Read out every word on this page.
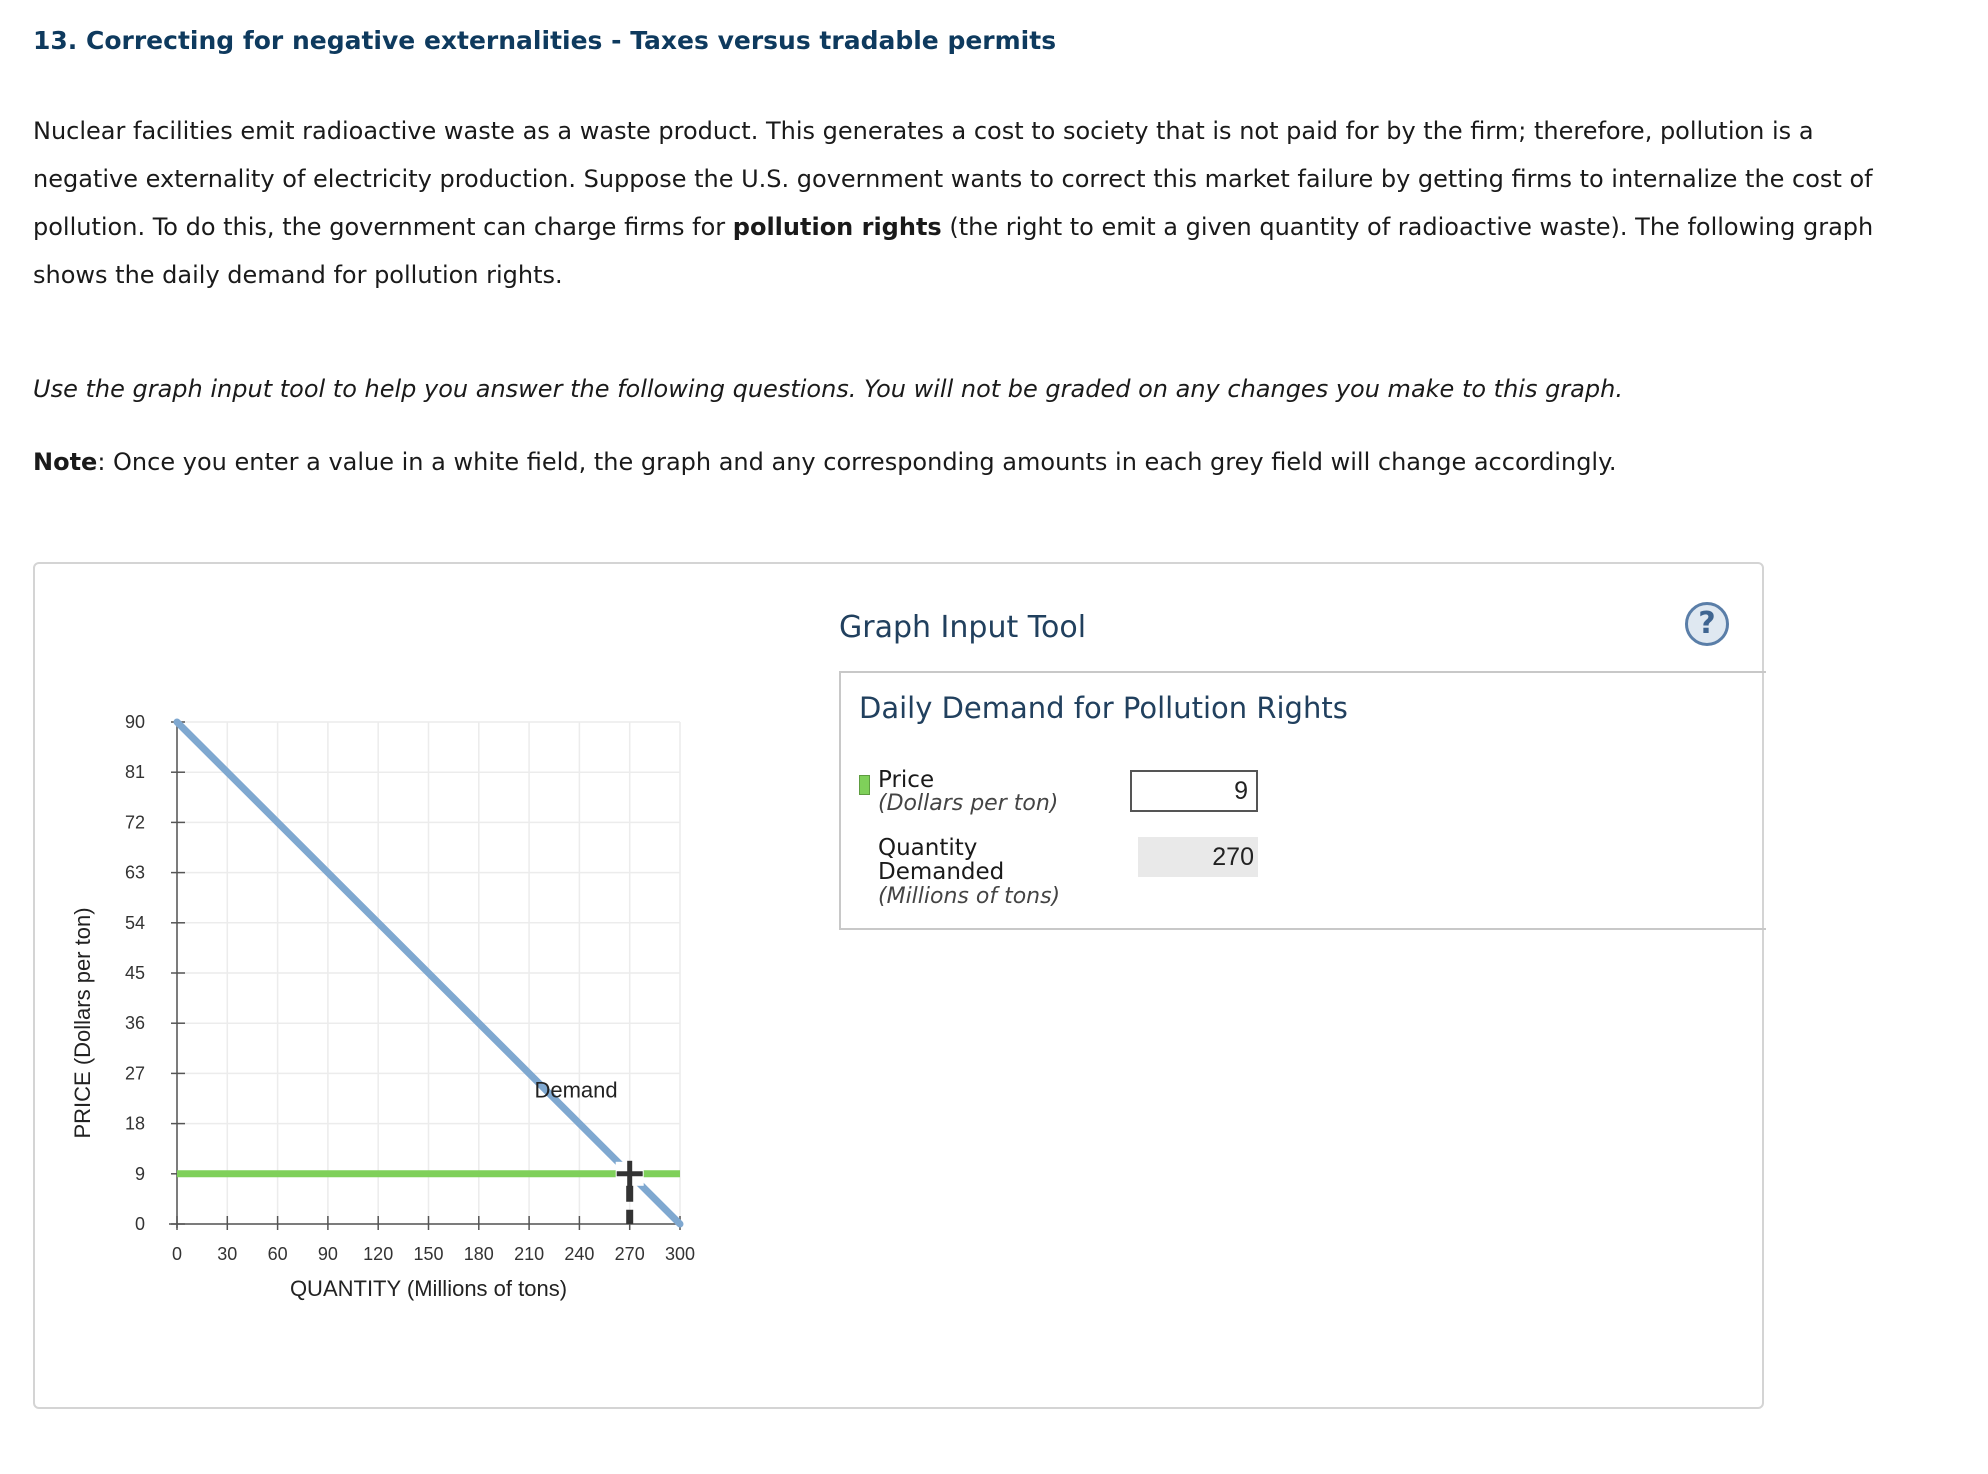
13. Correcting for negative externalities - Taxes versus tradable permits

Nuclear facilities emit radioactive waste as a waste product. This generates a cost to society that is not paid for by the firm; therefore, pollution is a negative externality of electricity production. Suppose the U.S. government wants to correct this market failure by getting firms to internalize the cost of pollution. To do this, the government can charge firms for pollution rights (the right to emit a given quantity of radioactive waste). The following graph shows the daily demand for pollution rights.

Use the graph input tool to help you answer the following questions. You will not be graded on any changes you make to this graph.

Note: Once you enter a value in a white field, the graph and any corresponding amounts in each grey field will change accordingly.

0
9
18
27
36
45
54
63
72
81
90
0 30 60 90 120 150 180 210 240 270 300
Demand
QUANTITY (Millions of tons)
PRICE (Dollars per ton)
Graph Input Tool	?
Daily Demand for Pollution Rights
Price
(Dollars per ton)	9
Quantity
Demanded
(Millions of tons)
270
